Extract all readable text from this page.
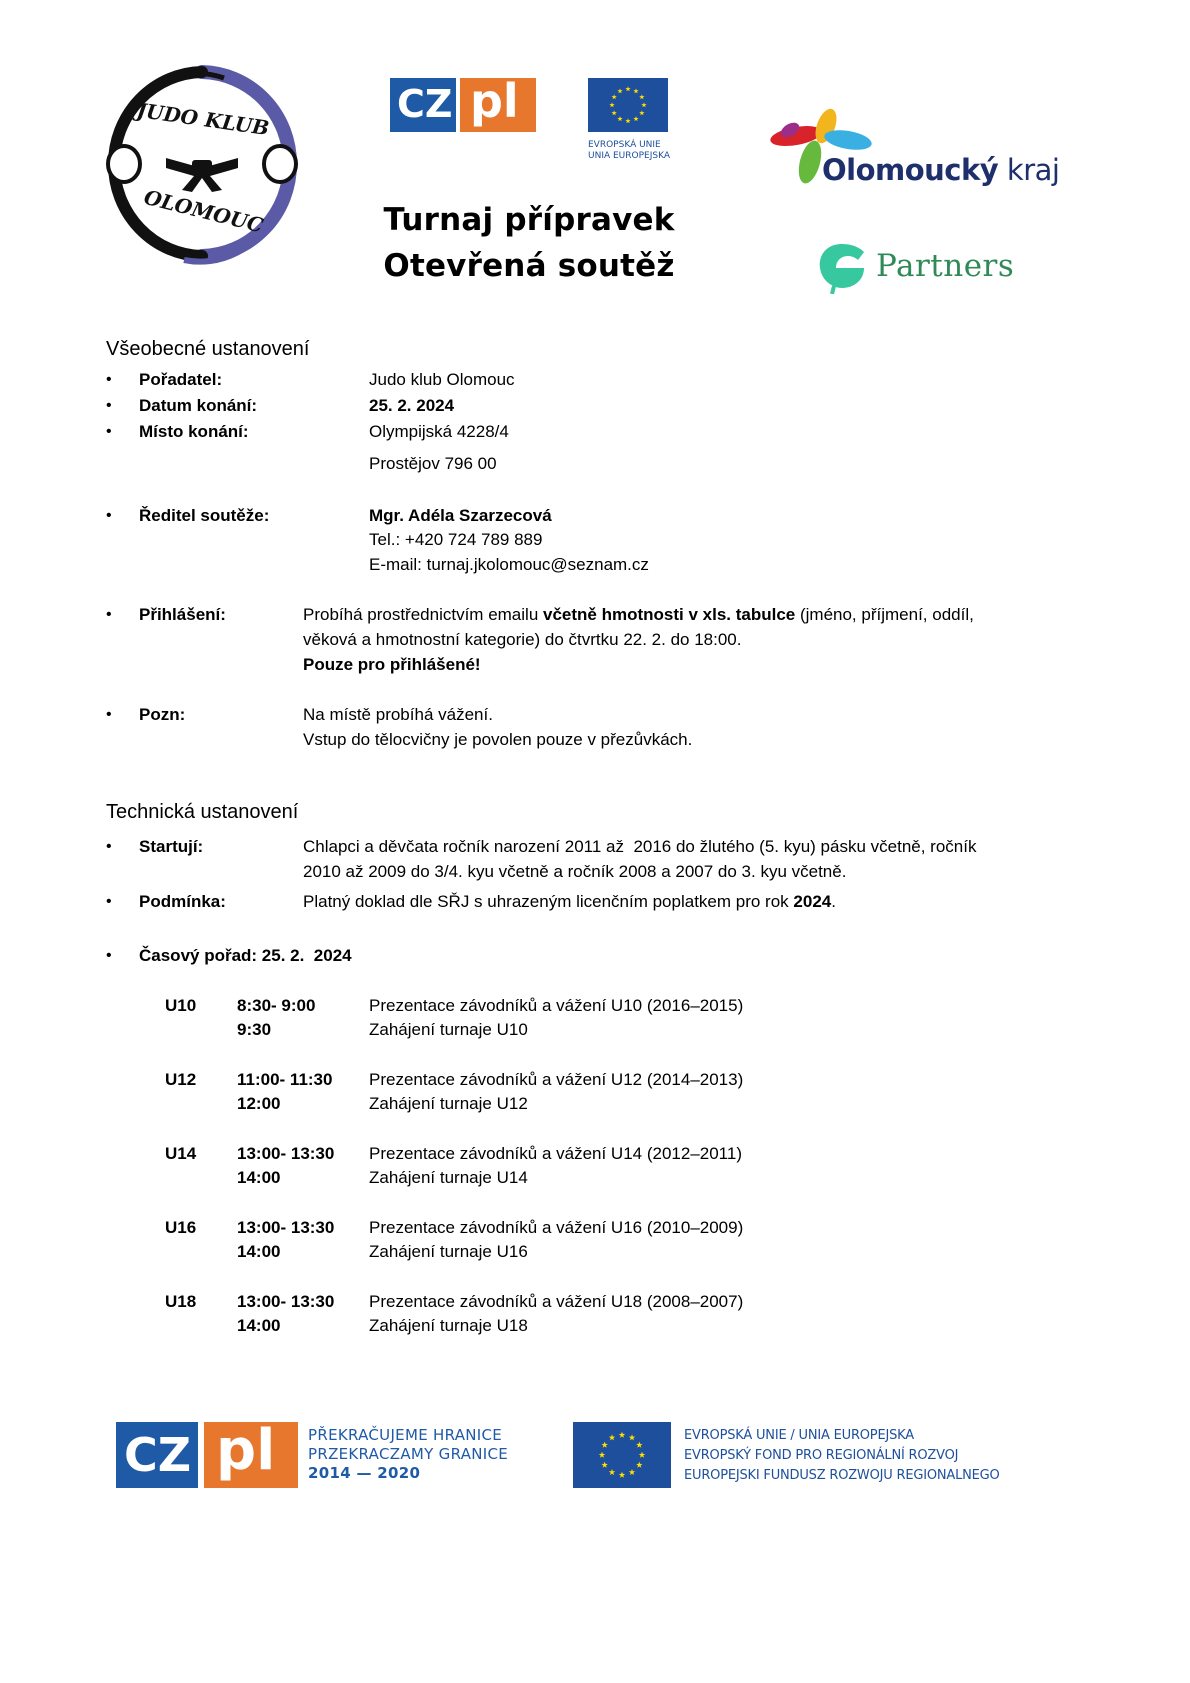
JUDO KLUB
OLOMOUC
CZ pl
EVROPSKÁ UNIE
UNIA EUROPEJSKA	Olomoucký kraj
Turnaj přípravek
Otevřená soutěž	Partners
Všeobecné ustanovení
• Pořadatel:	Judo klub Olomouc
• Datum konání:	25. 2. 2024
• Místo konání:	Olympijská 4228/4
Prostějov 796 00
• Ředitel soutěže:	Mgr. Adéla Szarzecová
Tel.: +420 724 789 889
E-mail: turnaj.jkolomouc@seznam.cz
• Přihlášení:	Probíhá prostřednictvím emailu včetně hmotnosti v xls. tabulce (jméno, příjmení, oddíl,
věková a hmotnostní kategorie) do čtvrtku 22. 2. do 18:00.
Pouze pro přihlášené!
• Pozn:	Na místě probíhá vážení.
Vstup do tělocvičny je povolen pouze v přezůvkách.
Technická ustanovení
• Startují:	Chlapci a děvčata ročník narození 2011 až  2016 do žlutého (5. kyu) pásku včetně, ročník
2010 až 2009 do 3/4. kyu včetně a ročník 2008 a 2007 do 3. kyu včetně.
• Podmínka:	Platný doklad dle SŘJ s uhrazeným licenčním poplatkem pro rok 2024.
• Časový pořad: 25. 2.  2024
U10 8:30- 9:00	Prezentace závodníků a vážení U10 (2016–2015)
9:30	Zahájení turnaje U10
U12 11:00- 11:30 Prezentace závodníků a vážení U12 (2014–2013)
12:00	Zahájení turnaje U12
U14 13:00- 13:30 Prezentace závodníků a vážení U14 (2012–2011)
14:00	Zahájení turnaje U14
U16 13:00- 13:30 Prezentace závodníků a vážení U16 (2010–2009)
14:00	Zahájení turnaje U16
U18 13:00- 13:30 Prezentace závodníků a vážení U18 (2008–2007)
14:00	Zahájení turnaje U18
CZ pl PŘEKRAČUJEME HRANICE
PRZEKRACZAMY GRANICE
2014 — 2020
EVROPSKÁ UNIE / UNIA EUROPEJSKA
EVROPSKÝ FOND PRO REGIONÁLNÍ ROZVOJ
EUROPEJSKI FUNDUSZ ROZWOJU REGIONALNEGO
